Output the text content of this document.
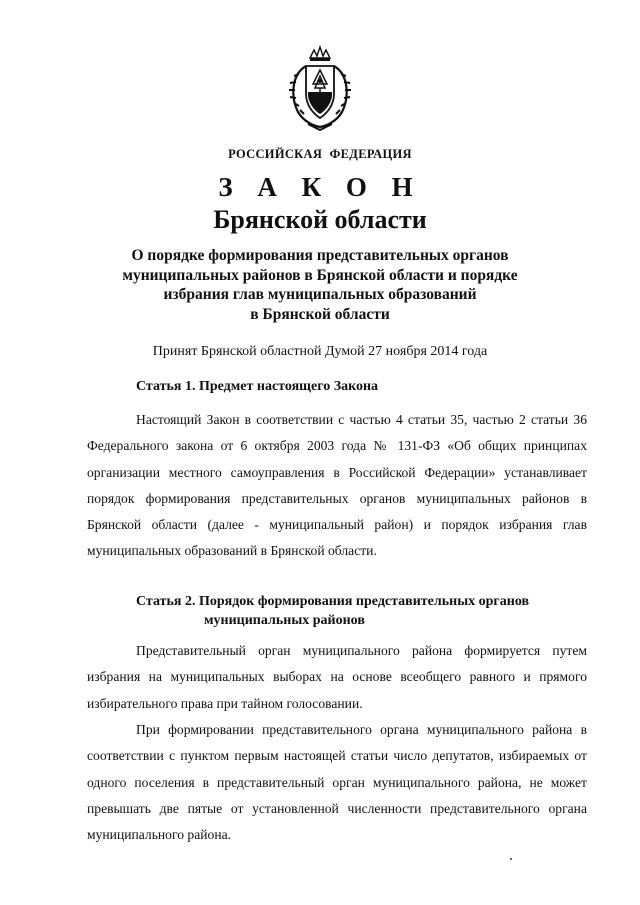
РОССИЙСКАЯ ФЕДЕРАЦИЯ
З А К О Н
Брянской области
О порядке формирования представительных органов
муниципальных районов в Брянской области и порядке
избрания глав муниципальных образований
в Брянской области
Принят Брянской областной Думой 27 ноября 2014 года
Статья 1. Предмет настоящего Закона
Настоящий Закон в соответствии с частью 4 статьи 35, частью 2 статьи 36 Федерального закона от 6 октября 2003 года № 131-ФЗ «Об общих принципах организации местного самоуправления в Российской Федерации» устанавливает порядок формирования представительных органов муниципальных районов в Брянской области (далее - муниципальный район) и порядок избрания глав муниципальных образований в Брянской области.
Статья 2. Порядок формирования представительных органов
муниципальных районов
Представительный орган муниципального района формируется путем избрания на муниципальных выборах на основе всеобщего равного и прямого избирательного права при тайном голосовании.
При формировании представительного органа муниципального района в соответствии с пунктом первым настоящей статьи число депутатов, избираемых от одного поселения в представительный орган муниципального района, не может превышать две пятые от установленной численности представительного органа муниципального района.
